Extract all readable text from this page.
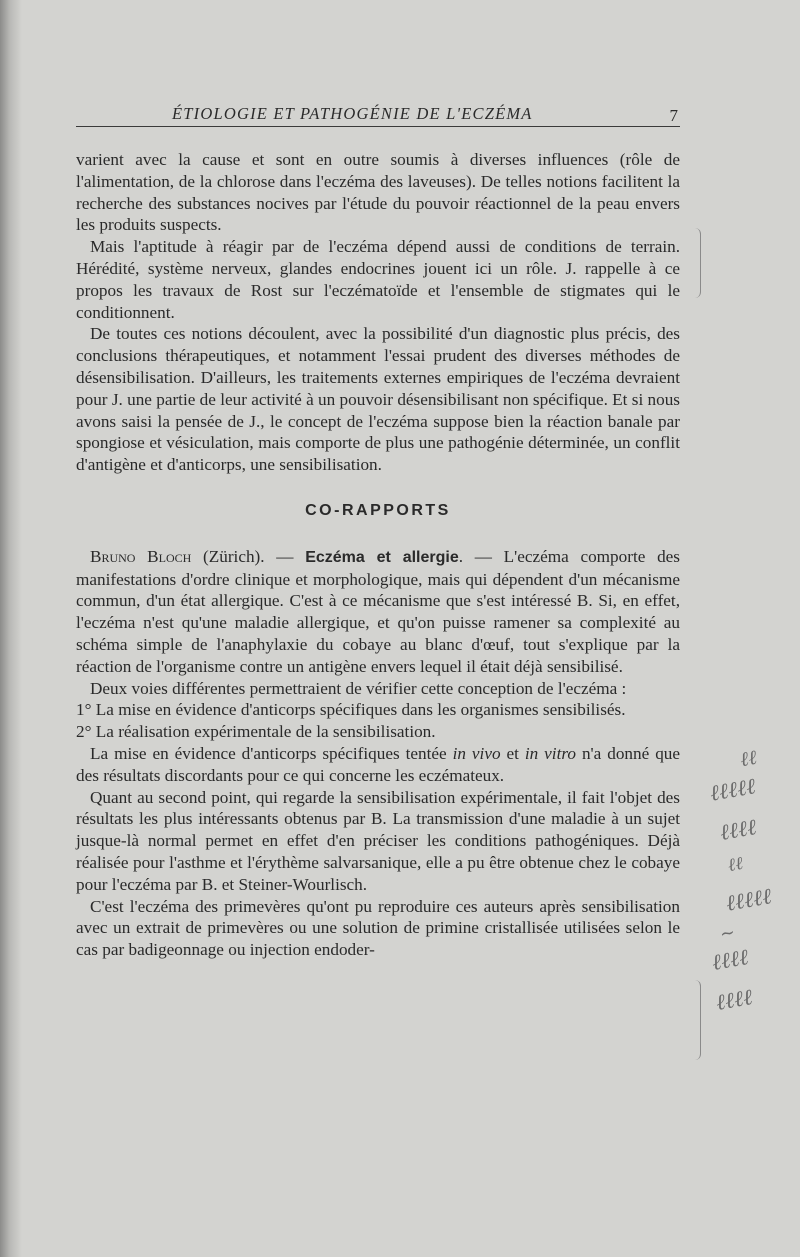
ÉTIOLOGIE ET PATHOGÉNIE DE L'ECZÉMA	7

varient avec la cause et sont en outre soumis à diverses influences (rôle de l'alimentation, de la chlorose dans l'eczéma des laveuses). De telles notions facilitent la recherche des substances nocives par l'étude du pouvoir réactionnel de la peau envers les produits suspects.

Mais l'aptitude à réagir par de l'eczéma dépend aussi de conditions de terrain. Hérédité, système nerveux, glandes endocrines jouent ici un rôle. J. rappelle à ce propos les travaux de Rost sur l'eczématoïde et l'ensemble de stigmates qui le conditionnent.

De toutes ces notions découlent, avec la possibilité d'un diagnostic plus précis, des conclusions thérapeutiques, et notamment l'essai prudent des diverses méthodes de désensibilisation. D'ailleurs, les traitements externes empiriques de l'eczéma devraient pour J. une partie de leur activité à un pouvoir désensibilisant non spécifique. Et si nous avons saisi la pensée de J., le concept de l'eczéma suppose bien la réaction banale par spongiose et vésiculation, mais comporte de plus une pathogénie déterminée, un conflit d'antigène et d'anticorps, une sensibilisation.

CO-RAPPORTS

Bruno Bloch (Zürich). — Eczéma et allergie. — L'eczéma comporte des manifestations d'ordre clinique et morphologique, mais qui dépendent d'un mécanisme commun, d'un état allergique. C'est à ce mécanisme que s'est intéressé B. Si, en effet, l'eczéma n'est qu'une maladie allergique, et qu'on puisse ramener sa complexité au schéma simple de l'anaphylaxie du cobaye au blanc d'œuf, tout s'explique par la réaction de l'organisme contre un antigène envers lequel il était déjà sensibilisé.

Deux voies différentes permettraient de vérifier cette conception de l'eczéma :

1° La mise en évidence d'anticorps spécifiques dans les organismes sensibilisés.

2° La réalisation expérimentale de la sensibilisation.

La mise en évidence d'anticorps spécifiques tentée in vivo et in vitro n'a donné que des résultats discordants pour ce qui concerne les eczémateux.

Quant au second point, qui regarde la sensibilisation expérimentale, il fait l'objet des résultats les plus intéressants obtenus par B. La transmission d'une maladie à un sujet jusque-là normal permet en effet d'en préciser les conditions pathogéniques. Déjà réalisée pour l'asthme et l'érythème salvarsanique, elle a pu être obtenue chez le cobaye pour l'eczéma par B. et Steiner-Wourlisch.

C'est l'eczéma des primevères qu'ont pu reproduire ces auteurs après sensibilisation avec un extrait de primevères ou une solution de primine cristallisée utilisées selon le cas par badigeonnage ou injection endoder-

ℓℓ
ℓℓℓℓℓ
ℓℓℓℓ
ℓℓ
ℓℓℓℓℓ
∼
ℓℓℓℓ
ℓℓℓℓ
